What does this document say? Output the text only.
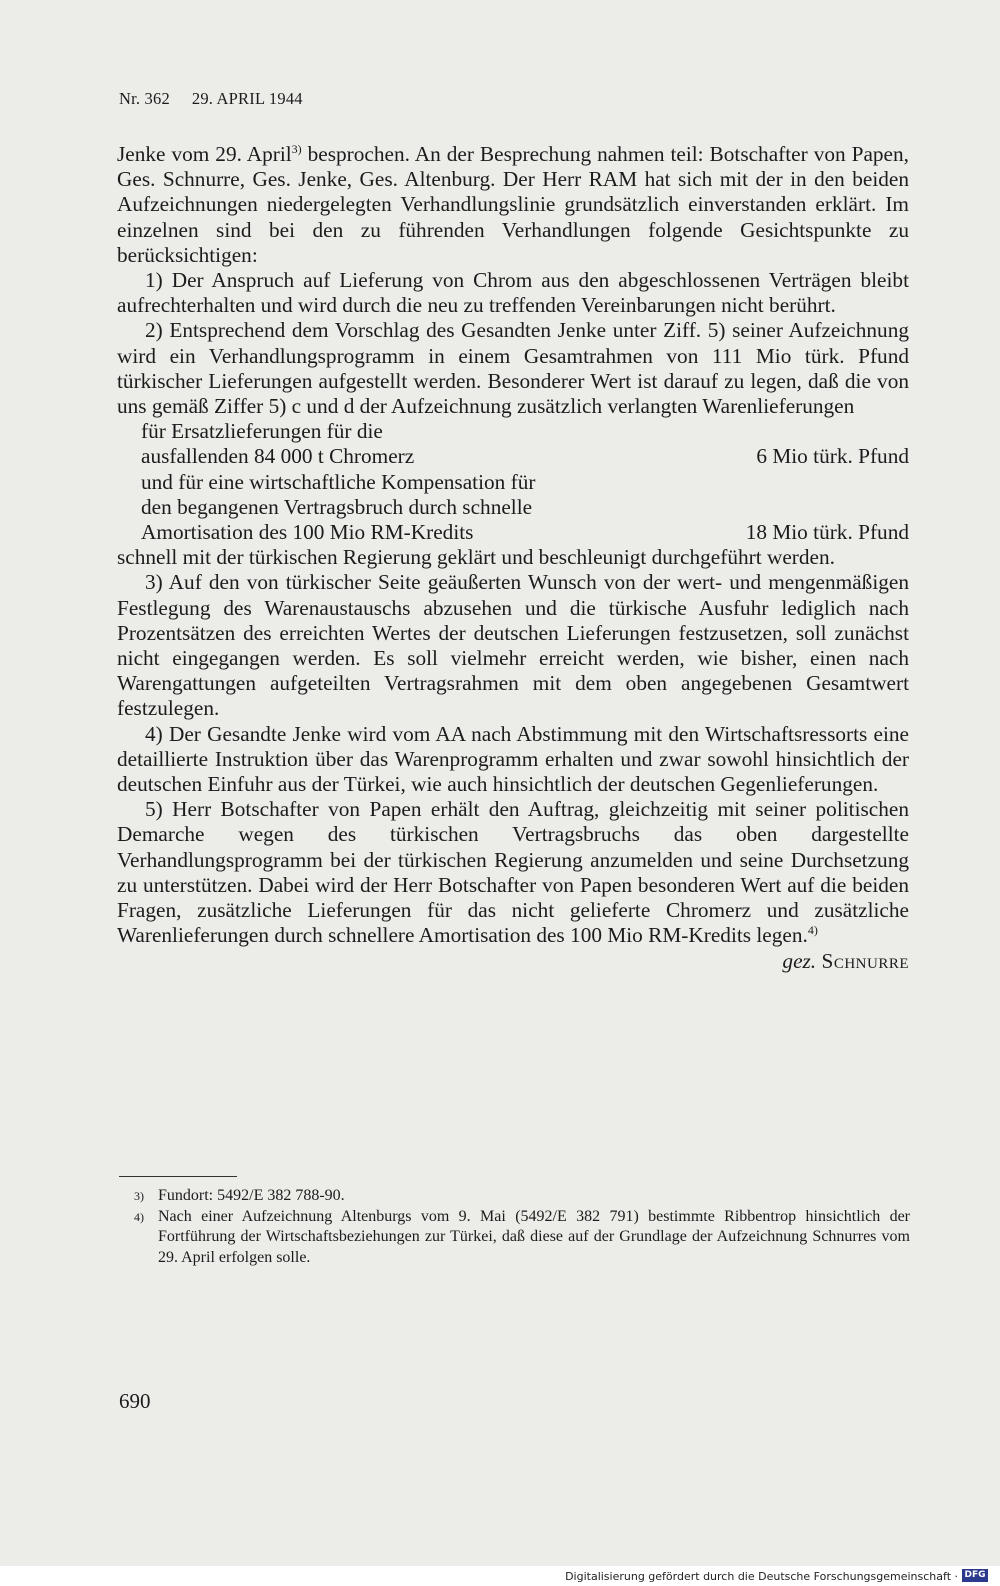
Nr. 362 29. APRIL 1944

Jenke vom 29. April$^{3)}$ besprochen. An der Besprechung nahmen teil: Botschafter von Papen, Ges. Schnurre, Ges. Jenke, Ges. Altenburg. Der Herr RAM hat sich mit der in den beiden Aufzeichnungen niedergelegten Verhandlungslinie grundsätzlich einverstanden erklärt. Im einzelnen sind bei den zu führenden Verhandlungen folgende Gesichtspunkte zu berücksichtigen:

1) Der Anspruch auf Lieferung von Chrom aus den abgeschlossenen Verträgen bleibt aufrechterhalten und wird durch die neu zu treffenden Vereinbarungen nicht berührt.

2) Entsprechend dem Vorschlag des Gesandten Jenke unter Ziff. 5) seiner Aufzeichnung wird ein Verhandlungsprogramm in einem Gesamtrahmen von 111 Mio türk. Pfund türkischer Lieferungen aufgestellt werden. Besonderer Wert ist darauf zu legen, daß die von uns gemäß Ziffer 5) c und d der Aufzeichnung zusätzlich verlangten Warenlieferungen

für Ersatzlieferungen für die
ausfallenden 84 000 t Chromerz	6 Mio türk. Pfund
und für eine wirtschaftliche Kompensation für
den begangenen Vertragsbruch durch schnelle
Amortisation des 100 Mio RM-Kredits	18 Mio türk. Pfund

schnell mit der türkischen Regierung geklärt und beschleunigt durchgeführt werden.

3) Auf den von türkischer Seite geäußerten Wunsch von der wert- und mengenmäßigen Festlegung des Warenaustauschs abzusehen und die türkische Ausfuhr lediglich nach Prozentsätzen des erreichten Wertes der deutschen Lieferungen festzusetzen, soll zunächst nicht eingegangen werden. Es soll vielmehr erreicht werden, wie bisher, einen nach Warengattungen aufgeteilten Vertragsrahmen mit dem oben angegebenen Gesamtwert festzulegen.

4) Der Gesandte Jenke wird vom AA nach Abstimmung mit den Wirtschaftsressorts eine detaillierte Instruktion über das Warenprogramm erhalten und zwar sowohl hinsichtlich der deutschen Einfuhr aus der Türkei, wie auch hinsichtlich der deutschen Gegenlieferungen.

5) Herr Botschafter von Papen erhält den Auftrag, gleichzeitig mit seiner politischen Demarche wegen des türkischen Vertragsbruchs das oben dargestellte Verhandlungsprogramm bei der türkischen Regierung anzumelden und seine Durchsetzung zu unterstützen. Dabei wird der Herr Botschafter von Papen besonderen Wert auf die beiden Fragen, zusätzliche Lieferungen für das nicht gelieferte Chromerz und zusätzliche Warenlieferungen durch schnellere Amortisation des 100 Mio RM-Kredits legen.$^{4)}$

gez. Schnurre
3) Fundort: 5492/E 382 788-90.
4) Nach einer Aufzeichnung Altenburgs vom 9. Mai (5492/E 382 791) bestimmte Ribbentrop hinsichtlich der Fortführung der Wirtschaftsbeziehungen zur Türkei, daß diese auf der Grundlage der Aufzeichnung Schnurres vom 29. April erfolgen solle.
690
Digitalisierung gefördert durch die Deutsche Forschungsgemeinschaft · DFG
